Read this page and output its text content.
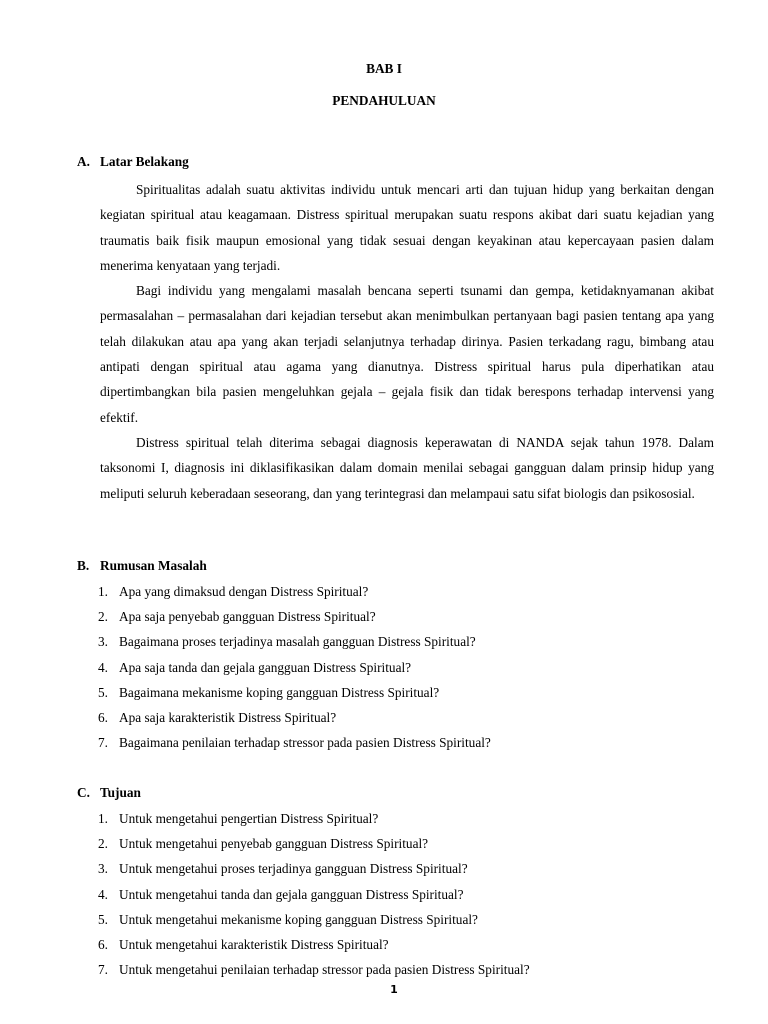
BAB I
PENDAHULUAN
A. Latar Belakang

Spiritualitas adalah suatu aktivitas individu untuk mencari arti dan tujuan hidup yang berkaitan dengan kegiatan spiritual atau keagamaan. Distress spiritual merupakan suatu respons akibat dari suatu kejadian yang traumatis baik fisik maupun emosional yang tidak sesuai dengan keyakinan atau kepercayaan pasien dalam menerima kenyataan yang terjadi.

Bagi individu yang mengalami masalah bencana seperti tsunami dan gempa, ketidaknyamanan akibat permasalahan – permasalahan dari kejadian tersebut akan menimbulkan pertanyaan bagi pasien tentang apa yang telah dilakukan atau apa yang akan terjadi selanjutnya terhadap dirinya. Pasien terkadang ragu, bimbang atau antipati dengan spiritual atau agama yang dianutnya. Distress spiritual harus pula diperhatikan atau dipertimbangkan bila pasien mengeluhkan gejala – gejala fisik dan tidak berespons terhadap intervensi yang efektif.

Distress spiritual telah diterima sebagai diagnosis keperawatan di NANDA sejak tahun 1978. Dalam taksonomi I, diagnosis ini diklasifikasikan dalam domain menilai sebagai gangguan dalam prinsip hidup yang meliputi seluruh keberadaan seseorang, dan yang terintegrasi dan melampaui satu sifat biologis dan psikososial.

B. Rumusan Masalah
1. Apa yang dimaksud dengan Distress Spiritual?
2. Apa saja penyebab gangguan Distress Spiritual?
3. Bagaimana proses terjadinya masalah gangguan Distress Spiritual?
4. Apa saja tanda dan gejala gangguan Distress Spiritual?
5. Bagaimana mekanisme koping gangguan Distress Spiritual?
6. Apa saja karakteristik Distress Spiritual?
7. Bagaimana penilaian terhadap stressor pada pasien Distress Spiritual?
C. Tujuan
1. Untuk mengetahui pengertian Distress Spiritual?
2. Untuk mengetahui penyebab gangguan Distress Spiritual?
3. Untuk mengetahui proses terjadinya gangguan Distress Spiritual?
4. Untuk mengetahui tanda dan gejala gangguan Distress Spiritual?
5. Untuk mengetahui mekanisme koping gangguan Distress Spiritual?
6. Untuk mengetahui karakteristik Distress Spiritual?
7. Untuk mengetahui penilaian terhadap stressor pada pasien Distress Spiritual?
1
